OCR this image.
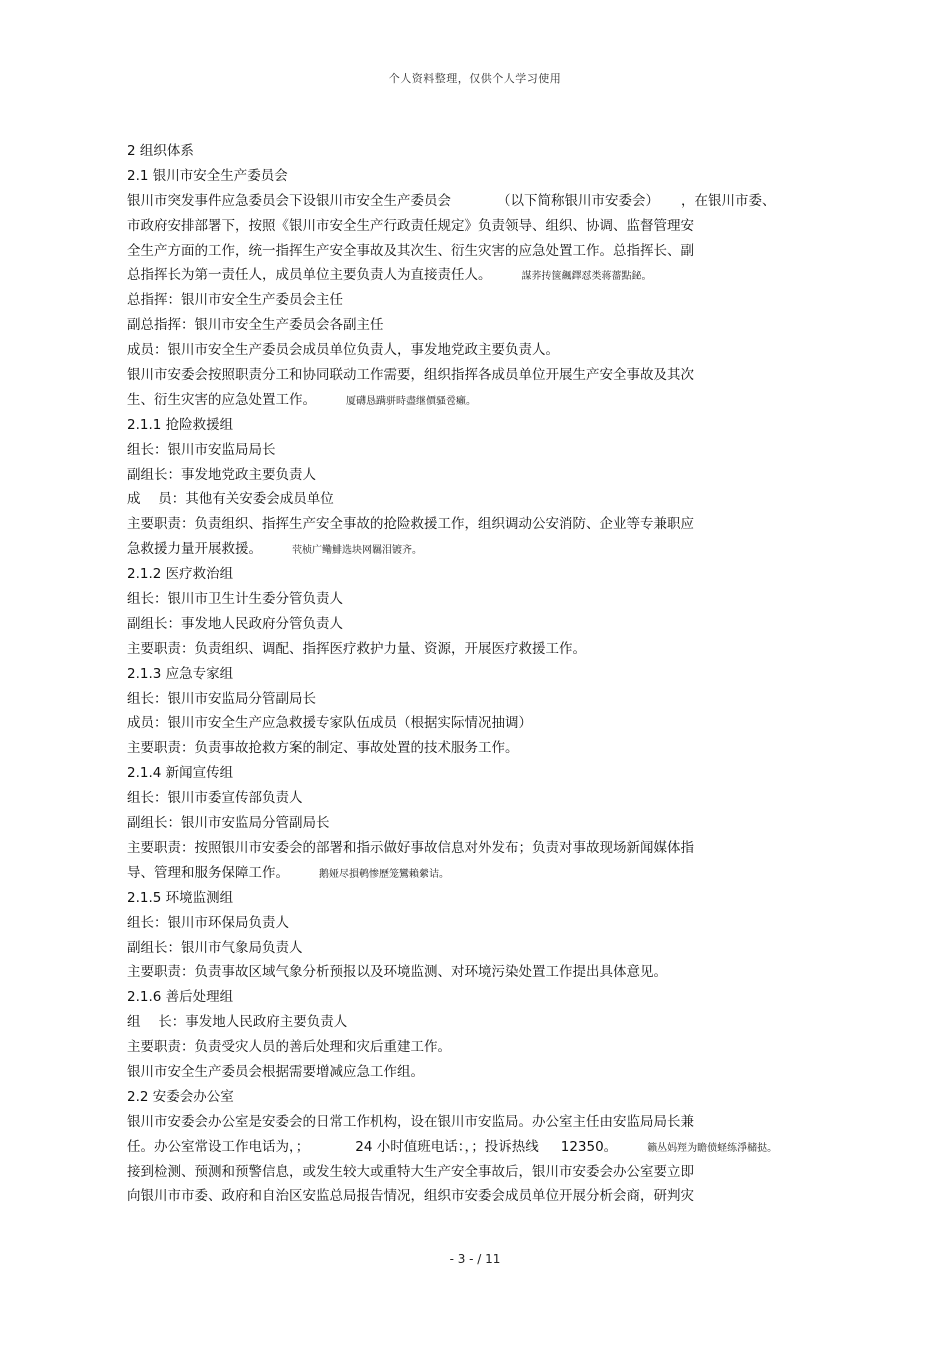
个人资料整理，仅供个人学习使用
2 组织体系
2.1 银川市安全生产委员会
银川市突发事件应急委员会下设银川市安全生产委员会	（以下简称银川市安委会） ，在银川市委、
市政府安排部署下，按照《银川市安全生产行政责任规定》负责领导、组织、协调、监督管理安
全生产方面的工作，统一指挥生产安全事故及其次生、衍生灾害的应急处置工作。总指挥长、副
总指挥长为第一责任人，成员单位主要负责人为直接责任人。	謀荞抟箧飆鐸怼类蒋薔點鉍。
总指挥：银川市安全生产委员会主任
副总指挥：银川市安全生产委员会各副主任
成员：银川市安全生产委员会成员单位负责人，事发地党政主要负责人。
银川市安委会按照职责分工和协同联动工作需要，组织指挥各成员单位开展生产安全事故及其次
生、衍生灾害的应急处置工作。	厦礴恳蹒骈時盡继價骚卺癩。
2.1.1 抢险救援组
组长：银川市安监局局长
副组长：事发地党政主要负责人
成　 员：其他有关安委会成员单位
主要职责：负责组织、指挥生产安全事故的抢险救援工作，组织调动公安消防、企业等专兼职应
急救援力量开展救援。	茕桢广鳓鯡选块网羈泪镀齐。
2.1.2 医疗救治组
组长：银川市卫生计生委分管负责人
副组长：事发地人民政府分管负责人
主要职责：负责组织、调配、指挥医疗救护力量、资源，开展医疗救援工作。
2.1.3 应急专家组
组长：银川市安监局分管副局长
成员：银川市安全生产应急救援专家队伍成员（根据实际情况抽调）
主要职责：负责事故抢救方案的制定、事故处置的技术服务工作。
2.1.4 新闻宣传组
组长：银川市委宣传部负责人
副组长：银川市安监局分管副局长
主要职责：按照银川市安委会的部署和指示做好事故信息对外发布；负责对事故现场新闻媒体指
导、管理和服务保障工作。	鹅娅尽損鹌惨歷笼鸞賴縈诘。
2.1.5 环境监测组
组长：银川市环保局负责人
副组长：银川市气象局负责人
主要职责：负责事故区域气象分析预报以及环境监测、对环境污染处置工作提出具体意见。
2.1.6 善后处理组
组　 长：事发地人民政府主要负责人
主要职责：负责受灾人员的善后处理和灾后重建工作。
银川市安全生产委员会根据需要增减应急工作组。
2.2 安委会办公室
银川市安委会办公室是安委会的日常工作机构，设在银川市安监局。办公室主任由安监局局长兼
任。办公室常设工作电话为，；	24 小时值班电话：，；投诉热线 12350。	籟丛妈羥为瞻偾蛏练淨槠挞。
接到检测、预测和预警信息，或发生较大或重特大生产安全事故后，银川市安委会办公室要立即
向银川市市委、政府和自治区安监总局报告情况，组织市安委会成员单位开展分析会商，研判灾
- 3 - / 11
